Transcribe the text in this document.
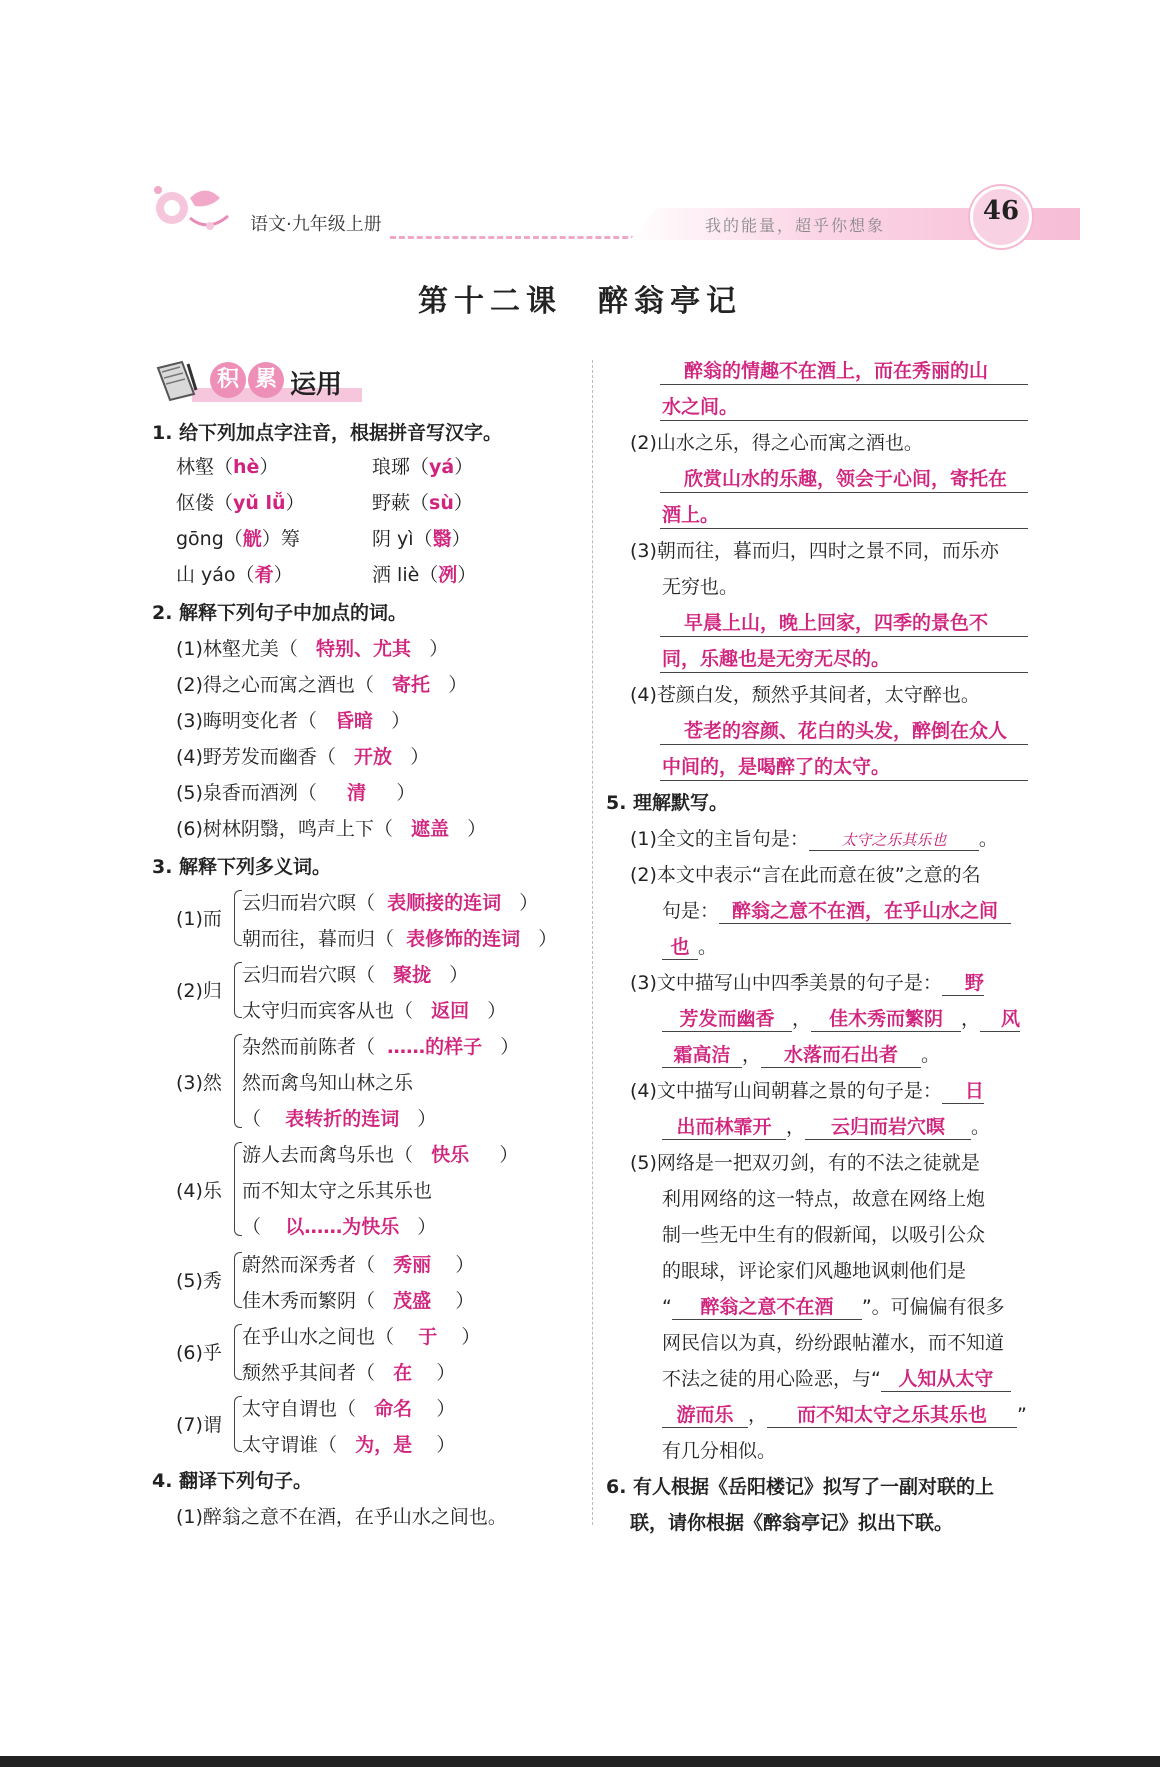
语文·九年级上册	我的能量，超乎你想象	46
第十二课　醉翁亭记
积 累 运用
1. 给下列加点字注音，根据拼音写汉字。
林壑（hè）	琅琊（yá）
伛偻（yǔ lǚ）	野蔌（sù）
gōng（觥）筹	阴 yì（翳）
山 yáo（肴）	洒 liè（冽）
2. 解释下列句子中加点的词。
(1)林壑尤美（ 特别、尤其 ）
(2)得之心而寓之酒也（ 寄托 ）
(3)晦明变化者（ 昏暗 ）
(4)野芳发而幽香（ 开放 ）
(5)泉香而酒洌（ 清 ）
(6)树林阴翳，鸣声上下（ 遮盖 ）
3. 解释下列多义词。
(1)而
云归而岩穴暝（ 表顺接的连词 ）
朝而往，暮而归（ 表修饰的连词 ）
(2)归
云归而岩穴暝（ 聚拢 ）
太守归而宾客从也（ 返回 ）
(3)然
杂然而前陈者（ ……的样子 ）
然而禽鸟知山林之乐
（ 表转折的连词 ）
(4)乐
游人去而禽鸟乐也（ 快乐 ）
而不知太守之乐其乐也
（ 以……为快乐 ）
(5)秀
蔚然而深秀者（ 秀丽 ）
佳木秀而繁阴（ 茂盛 ）
(6)乎
在乎山水之间也（ 于 ）
颓然乎其间者（ 在 ）
(7)谓
太守自谓也（ 命名 ）
太守谓谁（ 为，是 ）
4. 翻译下列句子。
(1)醉翁之意不在酒，在乎山水之间也。
醉翁的情趣不在酒上，而在秀丽的山
水之间。
(2)山水之乐，得之心而寓之酒也。
欣赏山水的乐趣，领会于心间，寄托在
酒上。
(3)朝而往，暮而归，四时之景不同，而乐亦
无穷也。
早晨上山，晚上回家，四季的景色不
同，乐趣也是无穷无尽的。
(4)苍颜白发，颓然乎其间者，太守醉也。
苍老的容颜、花白的头发，醉倒在众人
中间的，是喝醉了的太守。
5. 理解默写。
(1)全文的主旨句是： 太守之乐其乐也 。
(2)本文中表示“言在此而意在彼”之意的名
句是： 醉翁之意不在酒，在乎山水之间
也 。
(3)文中描写山中四季美景的句子是： 野
芳发而幽香 ， 佳木秀而繁阴 ， 风
霜高洁 ， 水落而石出者 。
(4)文中描写山间朝暮之景的句子是： 日
出而林霏开 ， 云归而岩穴暝 。
(5)网络是一把双刃剑，有的不法之徒就是
利用网络的这一特点，故意在网络上炮
制一些无中生有的假新闻，以吸引公众
的眼球，评论家们风趣地讽刺他们是
“ 醉翁之意不在酒 ”。可偏偏有很多
网民信以为真，纷纷跟帖灌水，而不知道
不法之徒的用心险恶，与“ 人知从太守
游而乐 ， 而不知太守之乐其乐也 ”
有几分相似。
6. 有人根据《岳阳楼记》拟写了一副对联的上
联，请你根据《醉翁亭记》拟出下联。
